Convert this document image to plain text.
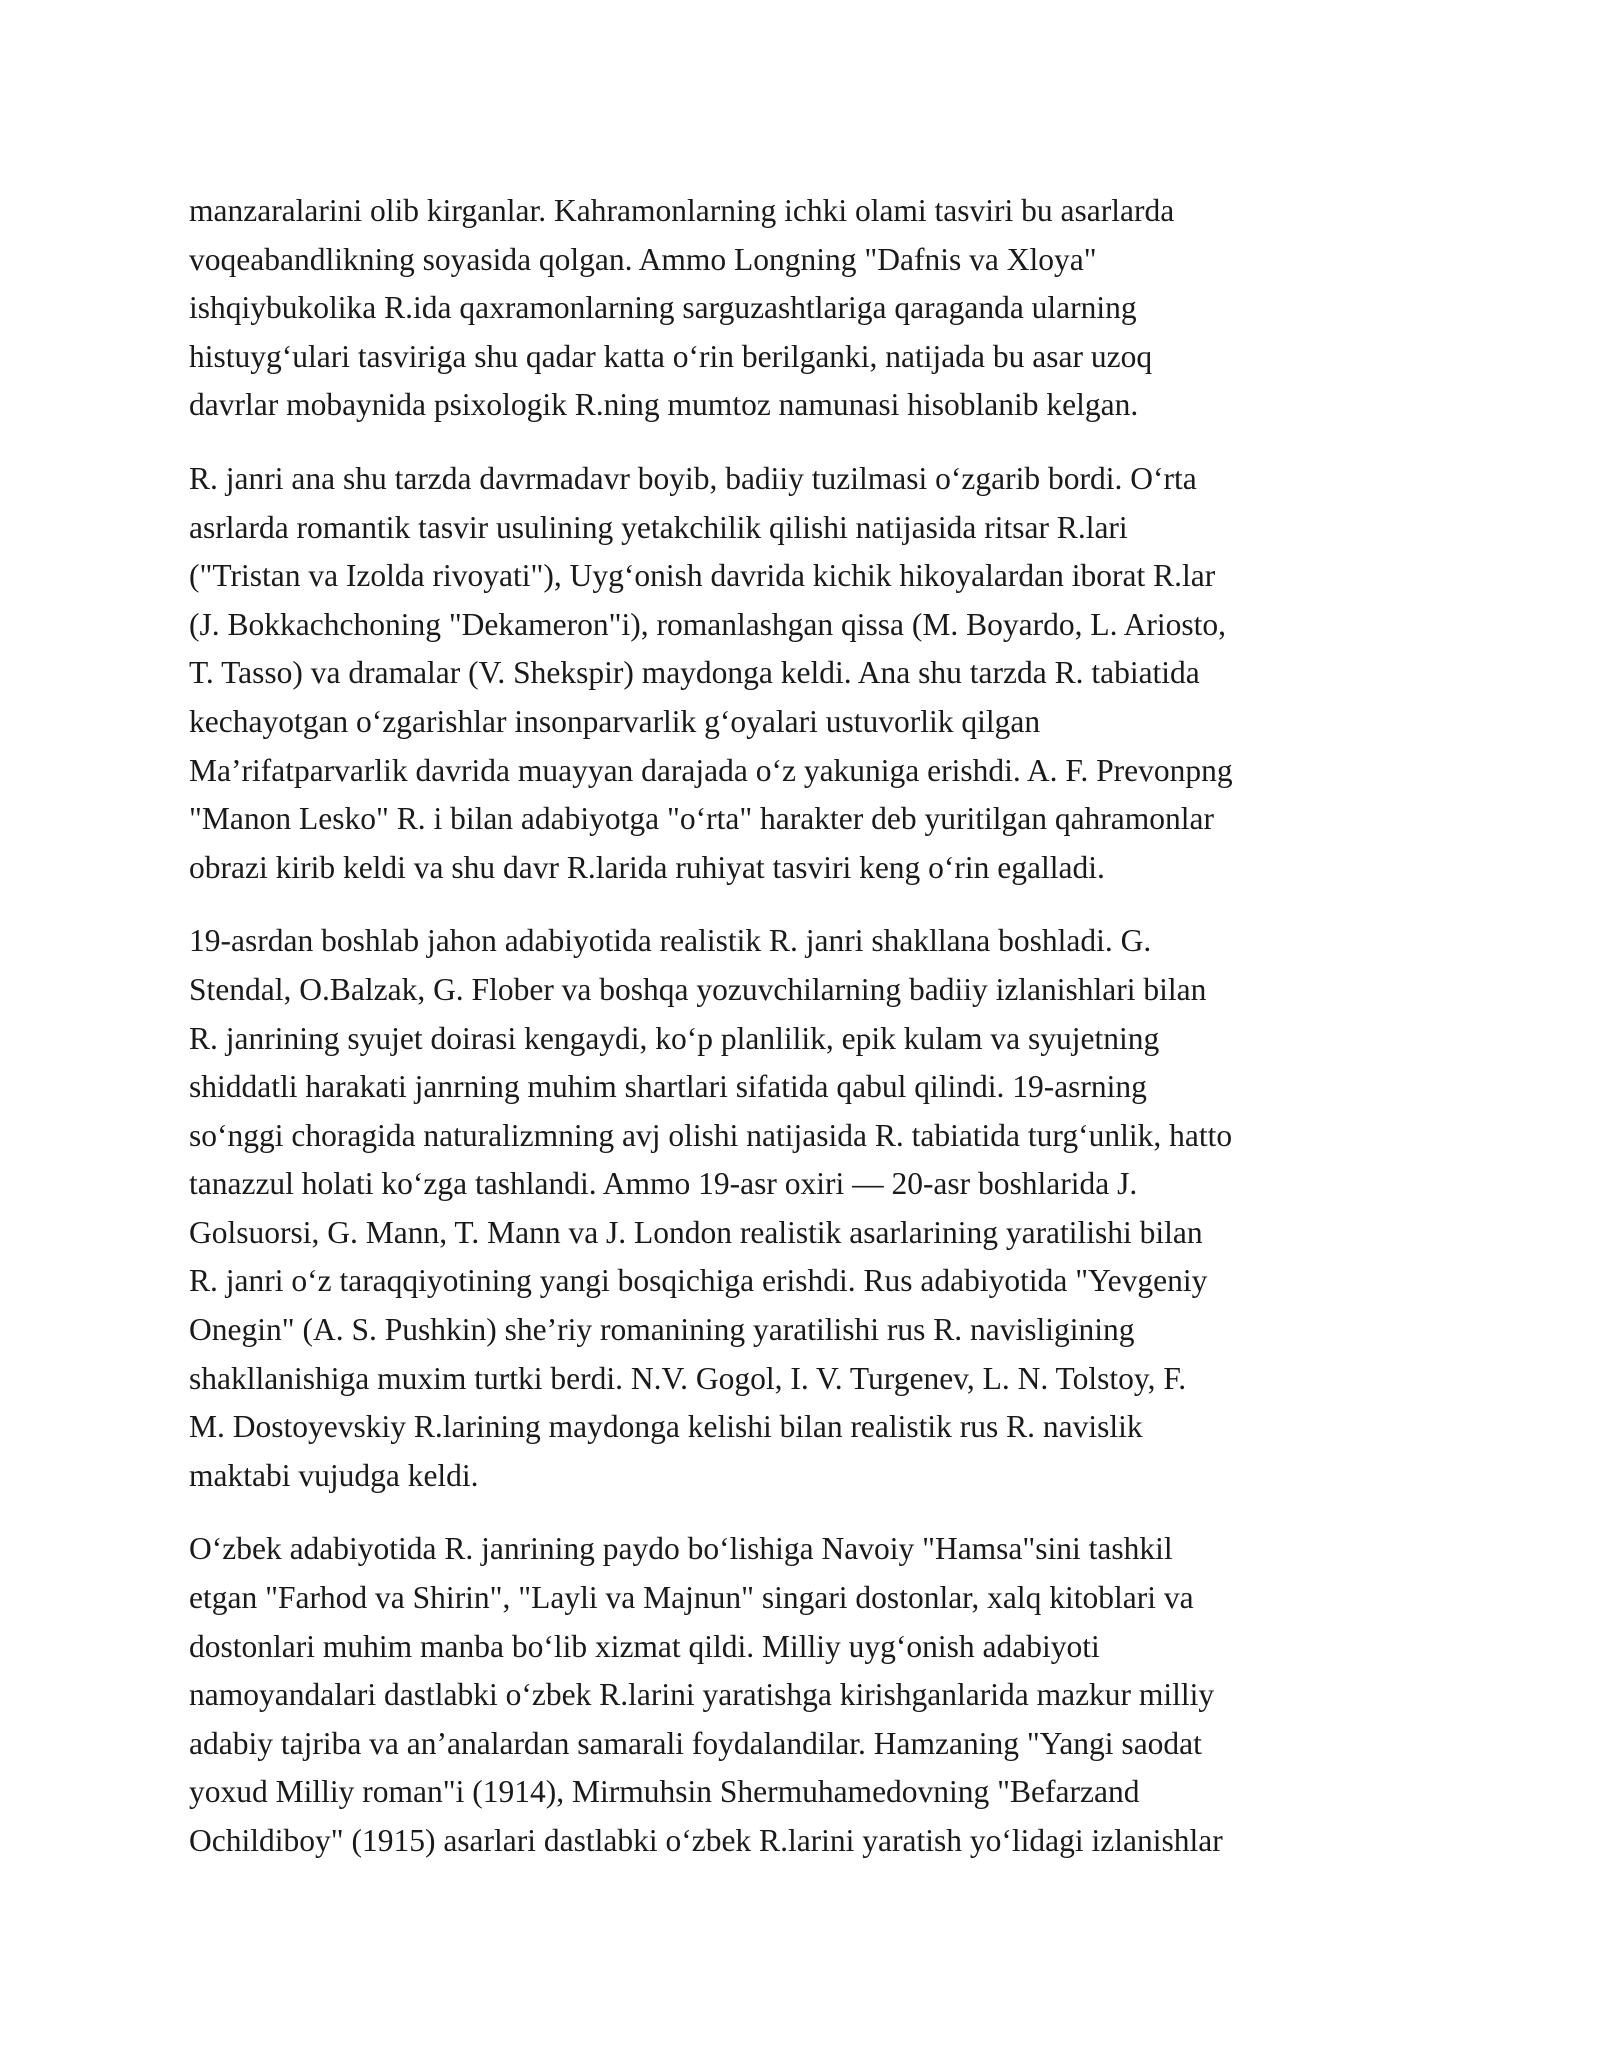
manzaralarini olib kirganlar. Kahramonlarning ichki olami tasviri bu asarlarda
voqeabandlikning soyasida qolgan. Ammo Longning "Dafnis va Xloya"
ishqiybukolika R.ida qaxramonlarning sarguzashtlariga qaraganda ularning
histuyg‘ulari tasviriga shu qadar katta o‘rin berilganki, natijada bu asar uzoq
davrlar mobaynida psixologik R.ning mumtoz namunasi hisoblanib kelgan.

R. janri ana shu tarzda davrmadavr boyib, badiiy tuzilmasi o‘zgarib bordi. O‘rta
asrlarda romantik tasvir usulining yetakchilik qilishi natijasida ritsar R.lari
("Tristan va Izolda rivoyati"), Uyg‘onish davrida kichik hikoyalardan iborat R.lar
(J. Bokkachchoning "Dekameron"i), romanlashgan qissa (M. Boyardo, L. Ariosto,
T. Tasso) va dramalar (V. Shekspir) maydonga keldi. Ana shu tarzda R. tabiatida
kechayotgan o‘zgarishlar insonparvarlik g‘oyalari ustuvorlik qilgan
Ma’rifatparvarlik davrida muayyan darajada o‘z yakuniga erishdi. A. F. Prevonpng
"Manon Lesko" R. i bilan adabiyotga "o‘rta" harakter deb yuritilgan qahramonlar
obrazi kirib keldi va shu davr R.larida ruhiyat tasviri keng o‘rin egalladi.

19-asrdan boshlab jahon adabiyotida realistik R. janri shakllana boshladi. G.
Stendal, O.Balzak, G. Flober va boshqa yozuvchilarning badiiy izlanishlari bilan
R. janrining syujet doirasi kengaydi, ko‘p planlilik, epik kulam va syujetning
shiddatli harakati janrning muhim shartlari sifatida qabul qilindi. 19-asrning
so‘nggi choragida naturalizmning avj olishi natijasida R. tabiatida turg‘unlik, hatto
tanazzul holati ko‘zga tashlandi. Ammo 19-asr oxiri — 20-asr boshlarida J.
Golsuorsi, G. Mann, T. Mann va J. London realistik asarlarining yaratilishi bilan
R. janri o‘z taraqqiyotining yangi bosqichiga erishdi. Rus adabiyotida "Yevgeniy
Onegin" (A. S. Pushkin) she’riy romanining yaratilishi rus R. navisligining
shakllanishiga muxim turtki berdi. N.V. Gogol, I. V. Turgenev, L. N. Tolstoy, F.
M. Dostoyevskiy R.larining maydonga kelishi bilan realistik rus R. navislik
maktabi vujudga keldi.

O‘zbek adabiyotida R. janrining paydo bo‘lishiga Navoiy "Hamsa"sini tashkil
etgan "Farhod va Shirin", "Layli va Majnun" singari dostonlar, xalq kitoblari va
dostonlari muhim manba bo‘lib xizmat qildi. Milliy uyg‘onish adabiyoti
namoyandalari dastlabki o‘zbek R.larini yaratishga kirishganlarida mazkur milliy
adabiy tajriba va an’analardan samarali foydalandilar. Hamzaning "Yangi saodat
yoxud Milliy roman"i (1914), Mirmuhsin Shermuhamedovning "Befarzand
Ochildiboy" (1915) asarlari dastlabki o‘zbek R.larini yaratish yo‘lidagi izlanishlar
